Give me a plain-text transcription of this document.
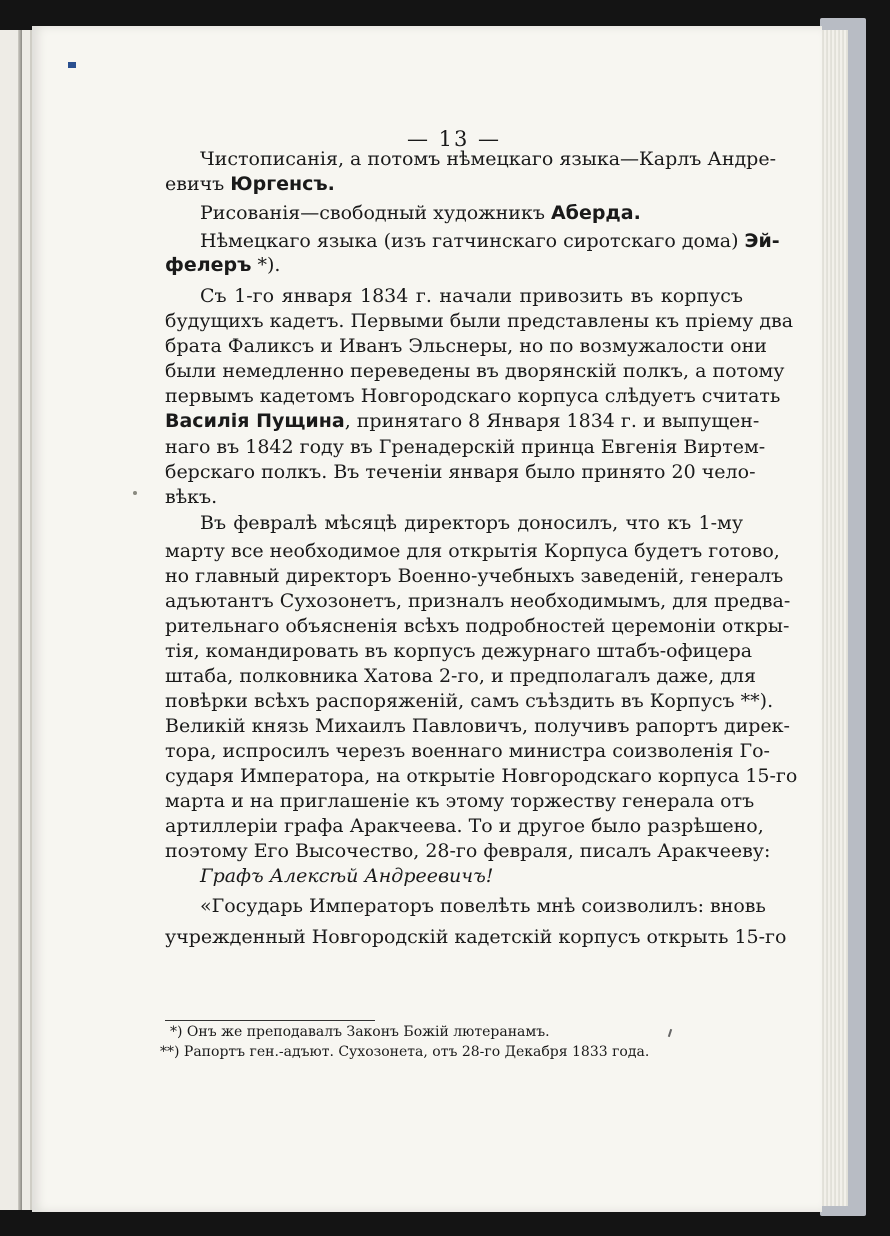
— 13 —
Чистописанія, а потомъ нѣмецкаго языка—Карлъ Андре-
евичъ Юргенсъ.
Рисованія—свободный художникъ Аберда.
Нѣмецкаго языка (изъ гатчинскаго сиротскаго дома) Эй-
фелеръ *).
Съ 1-го января 1834 г. начали привозить въ корпусъ
будущихъ кадетъ. Первыми были представлены къ пріему два
брата Фаликсъ и Иванъ Эльснеры, но по возмужалости они
были немедленно переведены въ дворянскій полкъ, а потому
первымъ кадетомъ Новгородскаго корпуса слѣдуетъ считать
Василія Пущина, принятаго 8 Января 1834 г. и выпущен-
наго въ 1842 году въ Гренадерскій принца Евгенія Виртем-
берскаго полкъ. Въ теченіи января было принято 20 чело-
вѣкъ.
Въ февралѣ мѣсяцѣ директоръ доносилъ, что къ 1-му
марту все необходимое для открытія Корпуса будетъ готово,
но главный директоръ Военно-учебныхъ заведеній, генералъ
адъютантъ Сухозонетъ, призналъ необходимымъ, для предва-
рительнаго объясненія всѣхъ подробностей церемоніи откры-
тія, командировать въ корпусъ дежурнаго штабъ-офицера
штаба, полковника Хатова 2-го, и предполагалъ даже, для
повѣрки всѣхъ распоряженій, самъ съѣздить въ Корпусъ **).
Великій князь Михаилъ Павловичъ, получивъ рапортъ дирек-
тора, испросилъ черезъ военнаго министра соизволенія Го-
сударя Императора, на открытіе Новгородскаго корпуса 15-го
марта и на приглашеніе къ этому торжеству генерала отъ
артиллеріи графа Аракчеева. То и другое было разрѣшено,
поэтому Его Высочество, 28-го февраля, писалъ Аракчееву:
Графъ Алексѣй Андреевичъ!
«Государь Императоръ повелѣть мнѣ соизволилъ: вновь
учрежденный Новгородскій кадетскій корпусъ открыть 15-го
*) Онъ же преподавалъ Законъ Божій лютеранамъ.
**) Рапортъ ген.-адъют. Сухозонета, отъ 28-го Декабря 1833 года.
